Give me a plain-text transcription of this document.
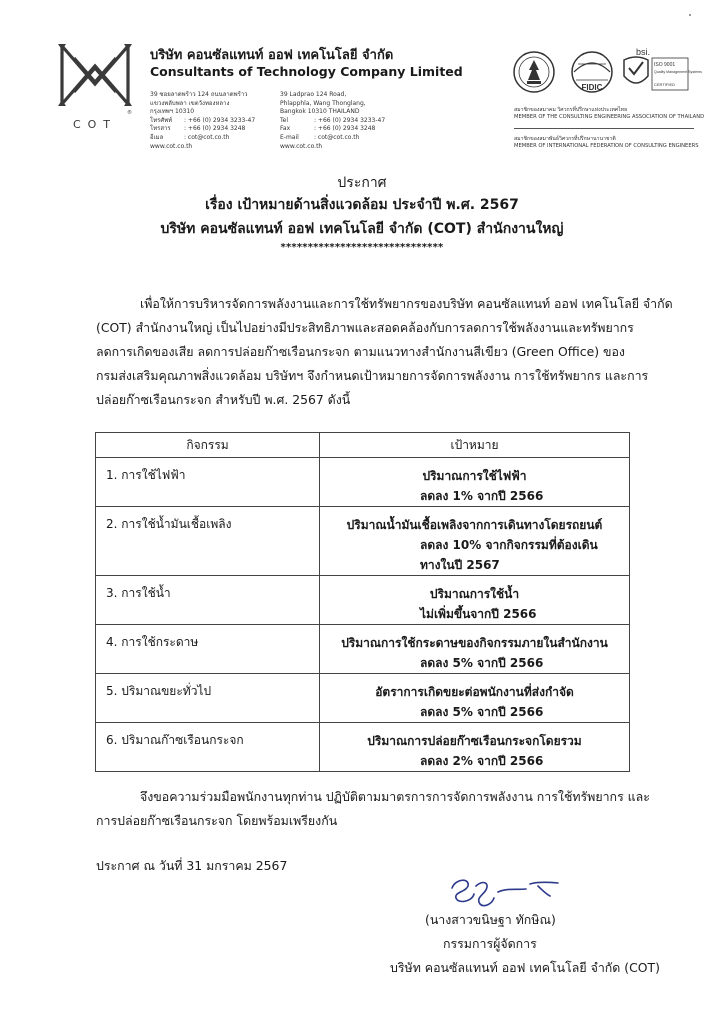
COT
®
บริษัท คอนซัลแทนท์ ออฟ เทคโนโลยี จำกัด
Consultants of Technology Company Limited
39 ซอยลาดพร้าว 124 ถนนลาดพร้าว
แขวงพลับพลา เขตวังทองหลาง
กรุงเทพฯ 10310
โทรศัพท์ : +66 (0) 2934 3233-47
โทรสาร : +66 (0) 2934 3248
อีเมล	: cot@cot.co.th
www.cot.co.th
39 Ladprao 124 Road,
Phlapphla, Wang Thonglang,
Bangkok 10310 THAILAND
Tel	: +66 (0) 2934 3233-47
Fax	: +66 (0) 2934 3248
E-mail	: cot@cot.co.th
www.cot.co.th
FIDIC
bsi.
ISO 9001
Quality Management Systems
CERTIFIED
สมาชิกของสมาคม วิศวกรที่ปรึกษาแห่งประเทศไทย
MEMBER OF THE CONSULTING ENGINEERING ASSOCIATION OF THAILAND
สมาชิกของสมาพันธ์วิศวกรที่ปรึกษานานาชาติ
MEMBER OF INTERNATIONAL FEDERATION OF CONSULTING ENGINEERS
ประกาศ
เรื่อง เป้าหมายด้านสิ่งแวดล้อม ประจำปี พ.ศ. 2567
บริษัท คอนซัลแทนท์ ออฟ เทคโนโลยี จำกัด (COT) สำนักงานใหญ่
******************************
เพื่อให้การบริหารจัดการพลังงานและการใช้ทรัพยากรของบริษัท คอนซัลแทนท์ ออฟ เทคโนโลยี จำกัด
(COT) สำนักงานใหญ่ เป็นไปอย่างมีประสิทธิภาพและสอดคล้องกับการลดการใช้พลังงานและทรัพยากร
ลดการเกิดของเสีย ลดการปล่อยก๊าซเรือนกระจก ตามแนวทางสำนักงานสีเขียว (Green Office) ของ
กรมส่งเสริมคุณภาพสิ่งแวดล้อม บริษัทฯ จึงกำหนดเป้าหมายการจัดการพลังงาน การใช้ทรัพยากร และการ
ปล่อยก๊าซเรือนกระจก สำหรับปี พ.ศ. 2567 ดังนี้
กิจกรรม	เป้าหมาย
1. การใช้ไฟฟ้า	ปริมาณการใช้ไฟฟ้า
ลดลง 1% จากปี 2566

2. การใช้น้ำมันเชื้อเพลิง	ปริมาณน้ำมันเชื้อเพลิงจากการเดินทางโดยรถยนต์
ลดลง 10% จากกิจกรรมที่ต้องเดินทางในปี 2567

3. การใช้น้ำ	ปริมาณการใช้น้ำ
ไม่เพิ่มขึ้นจากปี 2566

4. การใช้กระดาษ	ปริมาณการใช้กระดาษของกิจกรรมภายในสำนักงาน
ลดลง 5% จากปี 2566

5. ปริมาณขยะทั่วไป	อัตราการเกิดขยะต่อพนักงานที่ส่งกำจัด
ลดลง 5% จากปี 2566

6. ปริมาณก๊าซเรือนกระจก	ปริมาณการปล่อยก๊าซเรือนกระจกโดยรวม
ลดลง 2% จากปี 2566
จึงขอความร่วมมือพนักงานทุกท่าน ปฏิบัติตามมาตรการการจัดการพลังงาน การใช้ทรัพยากร และ
การปล่อยก๊าซเรือนกระจก โดยพร้อมเพรียงกัน
ประกาศ ณ วันที่ 31 มกราคม 2567
(นางสาวขนิษฐา ทักษิณ)
กรรมการผู้จัดการ
บริษัท คอนซัลแทนท์ ออฟ เทคโนโลยี จำกัด (COT)
